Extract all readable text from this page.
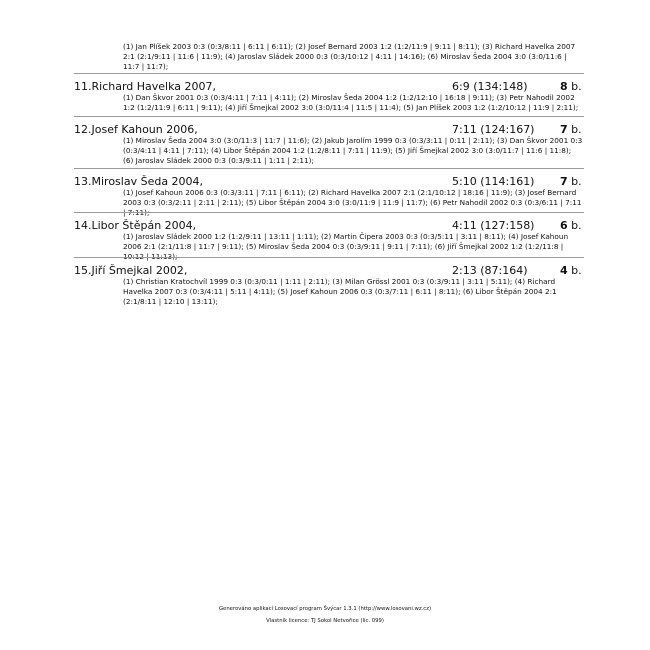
(1) Jan Plíšek 2003 0:3 (0:3/8:11 | 6:11 | 6:11); (2) Josef Bernard 2003 1:2 (1:2/11:9 | 9:11 | 8:11); (3) Richard Havelka 2007 2:1 (2:1/9:11 | 11:6 | 11:9); (4) Jaroslav Sládek 2000 0:3 (0:3/10:12 | 4:11 | 14:16); (6) Miroslav Šeda 2004 3:0 (3:0/11:6 | 11:7 | 11:7);

11.Richard Havelka 2007,	6:9 (134:148)	8 b.

(1) Dan Škvor 2001 0:3 (0:3/4:11 | 7:11 | 4:11); (2) Miroslav Šeda 2004 1:2 (1:2/12:10 | 16:18 | 9:11); (3) Petr Nahodil 2002 1:2 (1:2/11:9 | 6:11 | 9:11); (4) Jiří Šmejkal 2002 3:0 (3:0/11:4 | 11:5 | 11:4); (5) Jan Plíšek 2003 1:2 (1:2/10:12 | 11:9 | 2:11);

12.Josef Kahoun 2006,	7:11 (124:167) 7 b.

(1) Miroslav Šeda 2004 3:0 (3:0/11:3 | 11:7 | 11:6); (2) Jakub Jarolím 1999 0:3 (0:3/3:11 | 0:11 | 2:11); (3) Dan Škvor 2001 0:3 (0:3/4:11 | 4:11 | 7:11); (4) Libor Štěpán 2004 1:2 (1:2/8:11 | 7:11 | 11:9); (5) Jiří Šmejkal 2002 3:0 (3:0/11:7 | 11:6 | 11:8); (6) Jaroslav Sládek 2000 0:3 (0:3/9:11 | 1:11 | 2:11);

13.Miroslav Šeda 2004,	5:10 (114:161) 7 b.

(1) Josef Kahoun 2006 0:3 (0:3/3:11 | 7:11 | 6:11); (2) Richard Havelka 2007 2:1 (2:1/10:12 | 18:16 | 11:9); (3) Josef Bernard 2003 0:3 (0:3/2:11 | 2:11 | 2:11); (5) Libor Štěpán 2004 3:0 (3:0/11:9 | 11:9 | 11:7); (6) Petr Nahodil 2002 0:3 (0:3/6:11 | 7:11 | 7:11);

14.Libor Štěpán 2004,	4:11 (127:158) 6 b.

(1) Jaroslav Sládek 2000 1:2 (1:2/9:11 | 13:11 | 1:11); (2) Martin Čipera 2003 0:3 (0:3/5:11 | 3:11 | 8:11); (4) Josef Kahoun 2006 2:1 (2:1/11:8 | 11:7 | 9:11); (5) Miroslav Šeda 2004 0:3 (0:3/9:11 | 9:11 | 7:11); (6) Jiří Šmejkal 2002 1:2 (1:2/11:8 | 10:12 | 11:13);

15.Jiří Šmejkal 2002,	2:13 (87:164)	4 b.

(1) Christian Kratochvíl 1999 0:3 (0:3/0:11 | 1:11 | 2:11); (3) Milan Grössl 2001 0:3 (0:3/9:11 | 3:11 | 5:11); (4) Richard Havelka 2007 0:3 (0:3/4:11 | 5:11 | 4:11); (5) Josef Kahoun 2006 0:3 (0:3/7:11 | 6:11 | 8:11); (6) Libor Štěpán 2004 2:1 (2:1/8:11 | 12:10 | 13:11);

Generováno aplikací Losovací program Švýcar 1.3.1 (http://www.losovani.wz.cz)
Vlastník licence: TJ Sokol Netvořice (lic. 099)
